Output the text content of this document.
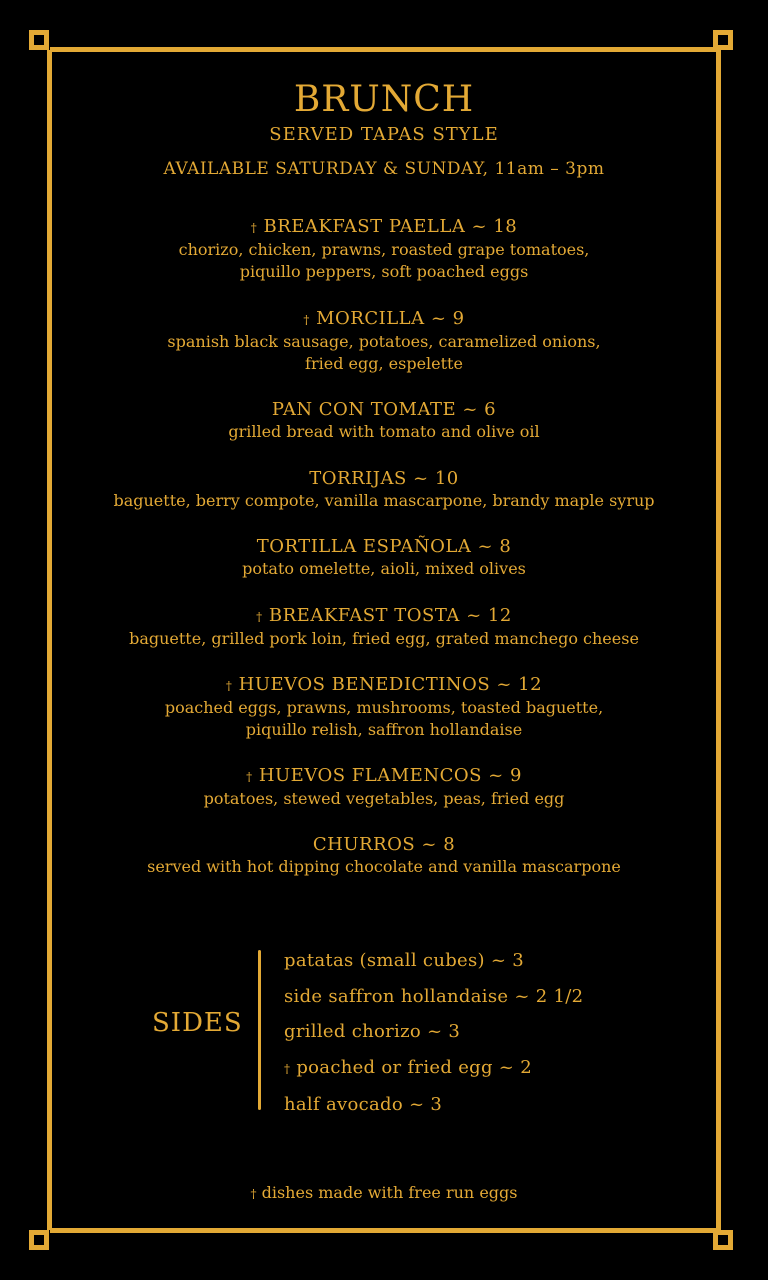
BRUNCH
SERVED TAPAS STYLE
AVAILABLE SATURDAY & SUNDAY, 11am – 3pm
† BREAKFAST PAELLA ~ 18
chorizo, chicken, prawns, roasted grape tomatoes,
piquillo peppers, soft poached eggs
† MORCILLA ~ 9
spanish black sausage, potatoes, caramelized onions,
fried egg, espelette
PAN CON TOMATE ~ 6
grilled bread with tomato and olive oil
TORRIJAS ~ 10
baguette, berry compote, vanilla mascarpone, brandy maple syrup
TORTILLA ESPAÑOLA ~ 8
potato omelette, aioli, mixed olives
† BREAKFAST TOSTA ~ 12
baguette, grilled pork loin, fried egg, grated manchego cheese
† HUEVOS BENEDICTINOS ~ 12
poached eggs, prawns, mushrooms, toasted baguette,
piquillo relish, saffron hollandaise
† HUEVOS FLAMENCOS ~ 9
potatoes, stewed vegetables, peas, fried egg
CHURROS ~ 8
served with hot dipping chocolate and vanilla mascarpone
SIDES
patatas (small cubes) ~ 3
side saffron hollandaise ~ 2 1/2
grilled chorizo ~ 3
† poached or fried egg ~ 2
half avocado ~ 3
† dishes made with free run eggs
